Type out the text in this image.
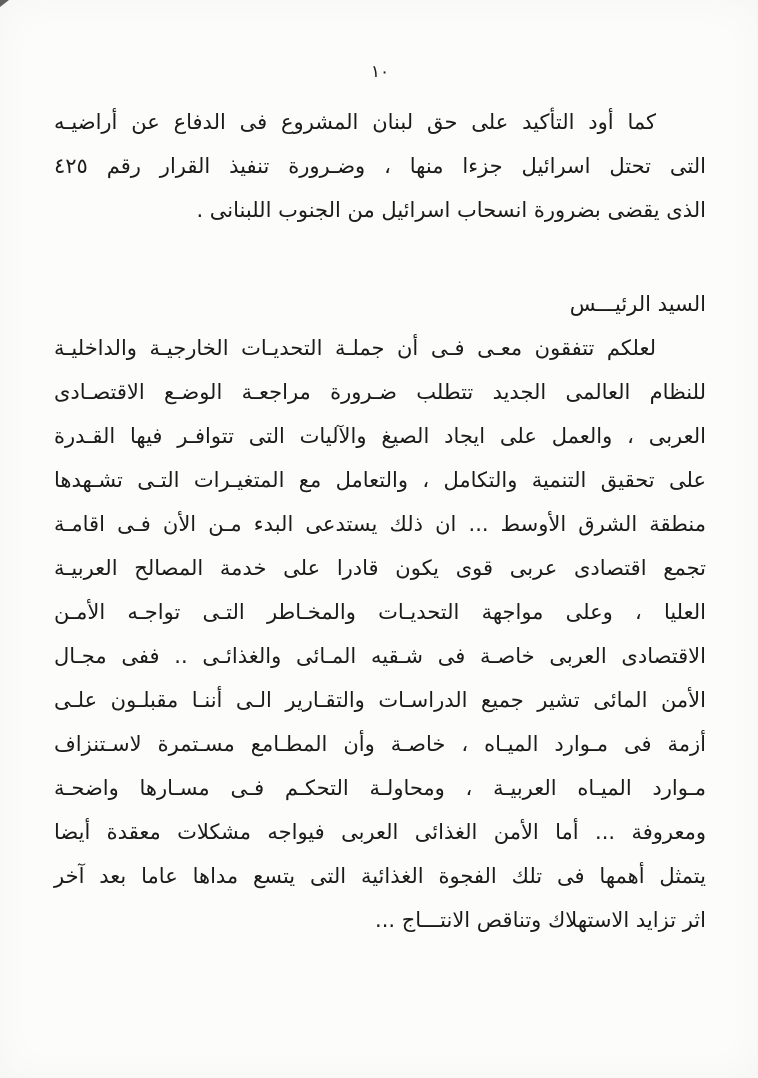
١٠
كما أود التأكيد على حق لبنان المشروع فى الدفاع عن أراضيـه
التى تحتل اسرائيل جزءا منها ، وضـرورة تنفيذ القرار رقم ٤٢٥
الذى يقضى بضرورة انسحاب اسرائيل من الجنوب اللبنانى .
السيد الرئيـــس
لعلكم تتفقون معـى فـى أن جملـة التحديـات الخارجيـة والداخليـة
للنظام العالمى الجديد تتطلب ضـرورة مراجعـة الوضـع الاقتصـادى
العربى ، والعمل على ايجاد الصيغ والآليات التى تتوافـر فيها القـدرة
على تحقيق التنمية والتكامل ، والتعامل مع المتغيـرات التـى تشـهدها
منطقة الشرق الأوسط ... ان ذلك يستدعى البدء مـن الأن فـى اقامـة
تجمع اقتصادى عربى قوى يكون قادرا على خدمة المصالح العربيـة
العليا ، وعلى مواجهة التحديـات والمخـاطر التـى تواجـه الأمـن
الاقتصادى العربى خاصـة فى شـقيه المـائى والغذائـى .. ففى مجـال
الأمن المائى تشير جميع الدراسـات والتقـارير الـى أننـا مقبلـون علـى
أزمة فى مـوارد الميـاه ، خاصـة وأن المطـامع مسـتمرة لاسـتنزاف
مـوارد الميـاه العربيـة ، ومحاولـة التحكـم فـى مسـارها واضحـة
ومعروفة ... أما الأمن الغذائى العربى فيواجه مشكلات معقدة أيضا
يتمثل أهمها فى تلك الفجوة الغذائية التى يتسع مداها عاما بعد آخر
اثر تزايد الاستهلاك وتناقص الانتـــاج ...
